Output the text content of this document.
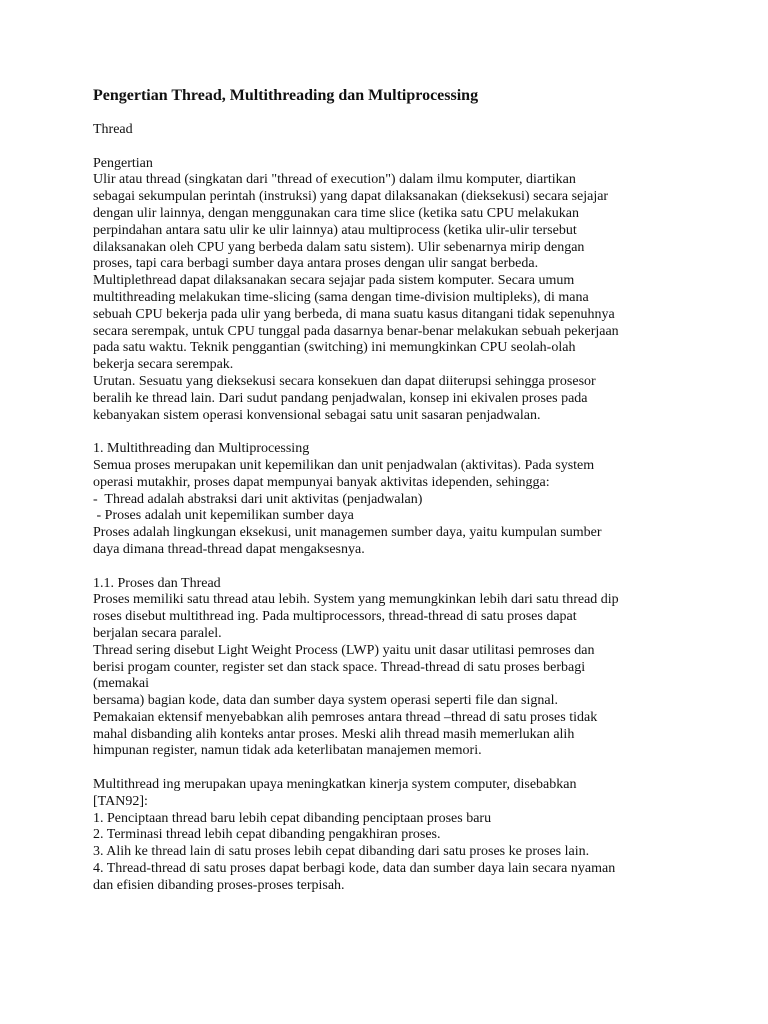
Pengertian Thread, Multithreading dan Multiprocessing
Thread
Pengertian
Ulir atau thread (singkatan dari "thread of execution") dalam ilmu komputer, diartikan
sebagai sekumpulan perintah (instruksi) yang dapat dilaksanakan (dieksekusi) secara sejajar
dengan ulir lainnya, dengan menggunakan cara time slice (ketika satu CPU melakukan
perpindahan antara satu ulir ke ulir lainnya) atau multiprocess (ketika ulir-ulir tersebut
dilaksanakan oleh CPU yang berbeda dalam satu sistem). Ulir sebenarnya mirip dengan
proses, tapi cara berbagi sumber daya antara proses dengan ulir sangat berbeda.
Multiplethread dapat dilaksanakan secara sejajar pada sistem komputer. Secara umum
multithreading melakukan time-slicing (sama dengan time-division multipleks), di mana
sebuah CPU bekerja pada ulir yang berbeda, di mana suatu kasus ditangani tidak sepenuhnya
secara serempak, untuk CPU tunggal pada dasarnya benar-benar melakukan sebuah pekerjaan
pada satu waktu. Teknik penggantian (switching) ini memungkinkan CPU seolah-olah
bekerja secara serempak.
Urutan. Sesuatu yang dieksekusi secara konsekuen dan dapat diiterupsi sehingga prosesor
beralih ke thread lain. Dari sudut pandang penjadwalan, konsep ini ekivalen proses pada
kebanyakan sistem operasi konvensional sebagai satu unit sasaran penjadwalan.
1. Multithreading dan Multiprocessing
Semua proses merupakan unit kepemilikan dan unit penjadwalan (aktivitas). Pada system
operasi mutakhir, proses dapat mempunyai banyak aktivitas idependen, sehingga:
-  Thread adalah abstraksi dari unit aktivitas (penjadwalan)
- Proses adalah unit kepemilikan sumber daya
Proses adalah lingkungan eksekusi, unit managemen sumber daya, yaitu kumpulan sumber
daya dimana thread-thread dapat mengaksesnya.
1.1. Proses dan Thread
Proses memiliki satu thread atau lebih. System yang memungkinkan lebih dari satu thread dip
roses disebut multithread ing. Pada multiprocessors, thread-thread di satu proses dapat
berjalan secara paralel.
Thread sering disebut Light Weight Process (LWP) yaitu unit dasar utilitasi pemroses dan
berisi progam counter, register set dan stack space. Thread-thread di satu proses berbagi
(memakai
bersama) bagian kode, data dan sumber daya system operasi seperti file dan signal.
Pemakaian ektensif menyebabkan alih pemroses antara thread –thread di satu proses tidak
mahal disbanding alih konteks antar proses. Meski alih thread masih memerlukan alih
himpunan register, namun tidak ada keterlibatan manajemen memori.
Multithread ing merupakan upaya meningkatkan kinerja system computer, disebabkan
[TAN92]:
1. Penciptaan thread baru lebih cepat dibanding penciptaan proses baru
2. Terminasi thread lebih cepat dibanding pengakhiran proses.
3. Alih ke thread lain di satu proses lebih cepat dibanding dari satu proses ke proses lain.
4. Thread-thread di satu proses dapat berbagi kode, data dan sumber daya lain secara nyaman
dan efisien dibanding proses-proses terpisah.
